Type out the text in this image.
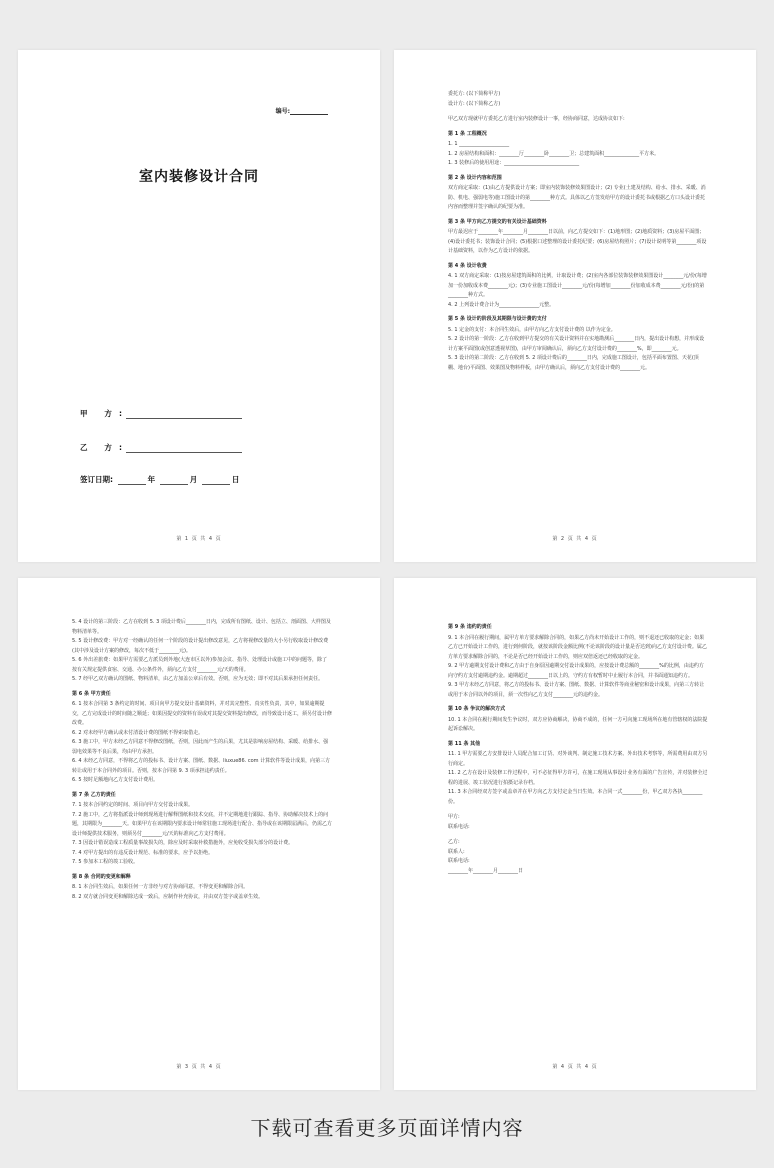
编号:
室内装修设计合同
甲 方:
乙 方:
签订日期:	年	月	日
第 1 页 共 4 页

委托方: (以下简称甲方)

设计方: (以下简称乙方)

甲乙双方现就甲方委托乙方进行室内装修设计一事，经协商同意，达成协议如下:

第 1 条 工程概况

1. 1 ____________________

1. 2 房屋结构和面积：________厅________卧________卫；总建筑面积______________平方米。

1. 3 装修后的使用用途：______________________________

第 2 条 设计内容和范围

双方商定采取：(1)由乙方提供设计方案；即室内装饰装修效果图设计；(2) 专业(土建及结构、给水、排水、采暖、消防、机电、强弱电等)施工图设计的第________种方式。具体以乙方签发给甲方的设计委托书或根据乙方口头设计委托内容而整理并签字确认的纪要为准。

第 3 条 甲方向乙方提交的有关设计基础资料

甲方最迟应于________年________月________日以前，向乙方提交如下：(1)地形图；(2)地质资料；(3)房屋平面图；(4)设计委托书；装饰设计合同；(5)根据口述整理的设计委托纪要；(6)房屋结构照片；(7)设计说明等第________项设计基础资料，以作为乙方设计的依据。

第 4 条 设计收费

4. 1 双方商定采取：(1)按房屋建筑面积的比例，计取设计费；(2)室内各部位装饰装修效果图设计________元/份(每增加一份加收成本费________元)；(3)专业施工图设计________元/份(每增加________份加收成本费________元/份)的第________种方式。

4. 2 上列设计费合计为________________元整。

第 5 条 设计的阶段及其期限与设计费的支付

5. 1 定金的支付：本合同生效后，由甲方向乙方支付设计费的 以作为定金。

5. 2 设计的第一阶段：乙方在收到甲方提交的有关设计资料并在实地勘测后________日内，提出设计构想，并形成设计方案平面图(或创意透视草图)，由甲方审阅确认后，须向乙方支付设计费的________%，即________元。

5. 3 设计的第二阶段：乙方在收到 5. 2 项设计费后的________日内，完成施工图设计，包括平面布置图、天花(顶棚、地台)平面图、效果图及物料样板，由甲方确认后，须向乙方支付设计费的________元。

第 2 页 共 4 页

5. 4 设计的第三阶段：乙方在收到 5. 3 项设计费后________日内，完成所有图纸、设计、包括立、剖面图、大样图及物料清单等。

5. 5 设计修改费：甲方对一经确认的任何一个阶段的设计提出修改意见，乙方将视修改量的大小另行收取设计修改费(其中涉及设计方案的修改，每次不低于________元)。

5. 6 外出差旅费：如果甲方需要乙方派员到外地(大连市区以外)参加会议、指导、处理设计或施工中的问题等，除了按有关规定提供食宿、交通、办公条件外，须向乙方支付________元/天的费用。

5. 7 经甲乙双方确认的图纸、物料清单，由乙方加盖公章后有效。否则，应为无效；即不对其后果承担任何责任。

第 6 条 甲方责任

6. 1 按本合同第 3 条约定的时间、项目向甲方提交设计基础资料，并对其完整性、真实性负责，其中，如果逾期提交，乙方完成设计的时间随之顺延；如果因提交的资料有误或对其提交资料提出修改，而导致设计返工，须另付设计修改费。

6. 2 对未经甲方确认或未付清设计费的图纸不得索取借走。

6. 3 施工中，甲方未经乙方同意不得修改图纸，否则，因此而产生的后果，尤其是影响房屋结构、采暖、给排水、强弱电效果等不良后果，均由甲方承担。

6. 4 未经乙方同意，不得将乙方的投标书、设计方案、图纸、数据、liuxue86. com 计算软件等设计成果，向第三方转让或用于本合同外的项目。否则，按本合同第 9. 3 项承担违约责任。

6. 5 按时足额地向乙方支付设计费用。

第 7 条 乙方的责任

7. 1 按本合同约定的时间、项目向甲方交付设计成果。

7. 2 施工中，乙方将指派设计师到现场进行解释图纸和技术交底，并不定期地进行跟踪、指导、协助解决技术上的问题，其期限为________天。如果甲方在该期限内要求设计师常驻施工现场进行配合、指导或在该期限届满后，仍需乙方设计师提供技术服务，则须另付________元/天的标准向乙方支付费用。

7. 3 因设计错误造成工程质量事故损失的，除应及时采取补救措施外，应免收受损失部分的设计费。

7. 4 对甲方提出的有违反设计规范、标准的要求，应予以拒绝。

7. 5 参加本工程的竣工验收。

第 8 条 合同的变更和解释

8. 1 本合同生效后，如果任何一方非经与对方协商同意，不得变更和解除合同。

8. 2 双方就合同变更和解除达成一致后，应制作补充协议，并由双方签字或盖章生效。

第 3 页 共 4 页

第 9 条 违约的责任

9. 1 本合同在履行期间，属甲方单方要求解除合同的，如果乙方尚未开始设计工作的，则不退还已收取的定金；如果乙方已开始设计工作的，进行到何阶段，就按该阶段金额比例(不论该阶段的设计量是否达到)向乙方支付设计费。属乙方单方要求解除合同的，不论是否已经开始设计工作的，则应双倍返还已经收取的定金。

9. 2 甲方逾期支付设计费和乙方由于自身原因逾期交付设计成果的，应按设计费总额的________%的比例，由违约方向守约方支付逾期违约金。逾期超过________日以上的，守约方有权暂时中止履行本合同，并书面通知违约方。

9. 3 甲方未经乙方同意，将乙方的投标书、设计方案、图纸、数据、计算软件等商业秘密和设计成果，向第三方转让或用于本合同以外的项目，须一次性向乙方支付________元的违约金。

第 10 条 争议的解决方式

10. 1 本合同在履行期间发生争议时，双方应协商解决，协商不成的，任何一方可向施工现场所在地有管辖权的法院提起诉讼解决。

第 11 条 其他

11. 1 甲方需要乙方安排设计人员配合加工订货、对外谈判、制定施工技术方案、外出技术考察等，所需费用由双方另行商定。

11. 2 乙方在设计及装修工作过程中，可不必征得甲方许可，在施工现场从事设计业务有面的广告宣传，并对装修全过程的进展、竣工状况进行拍摄记录存档。

11. 3 本合同经双方签字或盖章并在甲方向乙方支付定金当日生效。本合同一式________份，甲乙双方各执________份。

甲方:

联系电话:

乙方:

联系人:

联系电话:

________年________月________日

第 4 页 共 4 页
下载可查看更多页面详情内容
